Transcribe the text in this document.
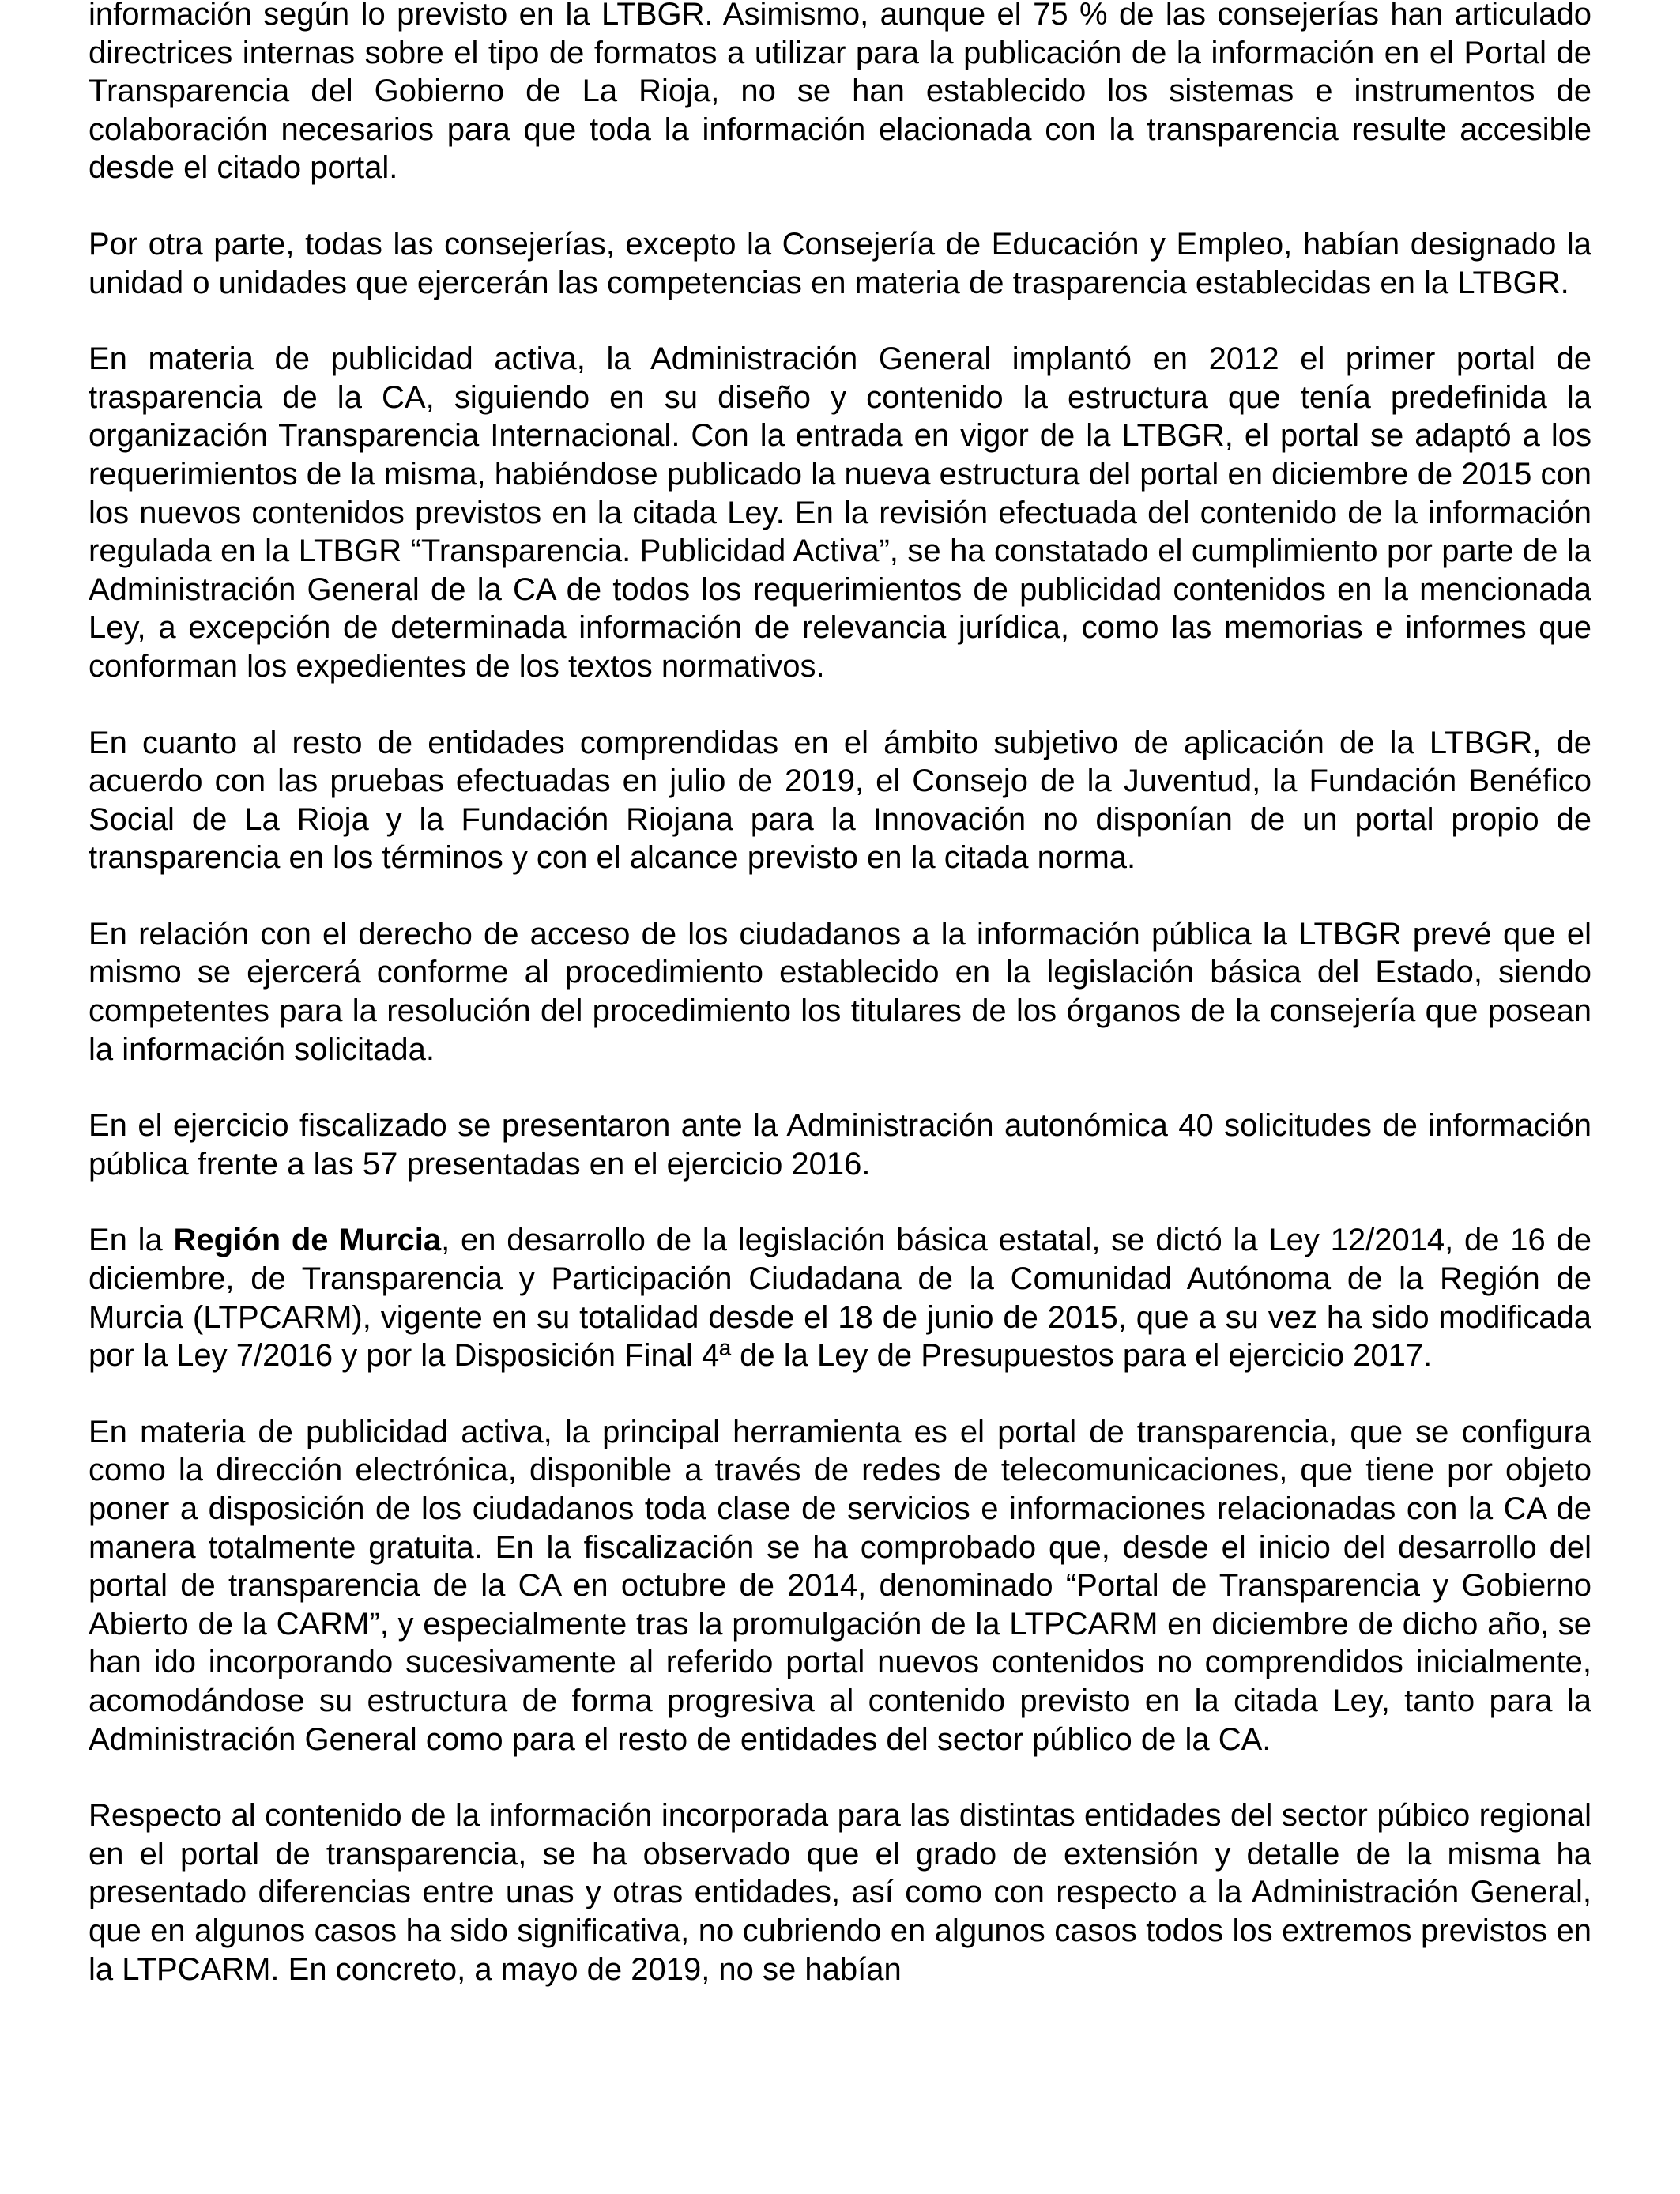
información según lo previsto en la LTBGR. Asimismo, aunque el 75 % de las consejerías han articulado directrices internas sobre el tipo de formatos a utilizar para la publicación de la información en el Portal de Transparencia del Gobierno de La Rioja, no se han establecido los sistemas e instrumentos de colaboración necesarios para que toda la información elacionada con la transparencia resulte accesible desde el citado portal.

Por otra parte, todas las consejerías, excepto la Consejería de Educación y Empleo, habían designado la unidad o unidades que ejercerán las competencias en materia de trasparencia establecidas en la LTBGR.

En materia de publicidad activa, la Administración General implantó en 2012 el primer portal de trasparencia de la CA, siguiendo en su diseño y contenido la estructura que tenía predefinida la organización Transparencia Internacional. Con la entrada en vigor de la LTBGR, el portal se adaptó a los requerimientos de la misma, habiéndose publicado la nueva estructura del portal en diciembre de 2015 con los nuevos contenidos previstos en la citada Ley. En la revisión efectuada del contenido de la información regulada en la LTBGR “Transparencia. Publicidad Activa”, se ha constatado el cumplimiento por parte de la Administración General de la CA de todos los requerimientos de publicidad contenidos en la mencionada Ley, a excepción de determinada información de relevancia jurídica, como las memorias e informes que conforman los expedientes de los textos normativos.

En cuanto al resto de entidades comprendidas en el ámbito subjetivo de aplicación de la LTBGR, de acuerdo con las pruebas efectuadas en julio de 2019, el Consejo de la Juventud, la Fundación Benéfico Social de La Rioja y la Fundación Riojana para la Innovación no disponían de un portal propio de transparencia en los términos y con el alcance previsto en la citada norma.

En relación con el derecho de acceso de los ciudadanos a la información pública la LTBGR prevé que el mismo se ejercerá conforme al procedimiento establecido en la legislación básica del Estado, siendo competentes para la resolución del procedimiento los titulares de los órganos de la consejería que posean la información solicitada.

En el ejercicio fiscalizado se presentaron ante la Administración autonómica 40 solicitudes de información pública frente a las 57 presentadas en el ejercicio 2016.

En la Región de Murcia, en desarrollo de la legislación básica estatal, se dictó la Ley 12/2014, de 16 de diciembre, de Transparencia y Participación Ciudadana de la Comunidad Autónoma de la Región de Murcia (LTPCARM), vigente en su totalidad desde el 18 de junio de 2015, que a su vez ha sido modificada por la Ley 7/2016 y por la Disposición Final 4ª de la Ley de Presupuestos para el ejercicio 2017.

En materia de publicidad activa, la principal herramienta es el portal de transparencia, que se configura como la dirección electrónica, disponible a través de redes de telecomunicaciones, que tiene por objeto poner a disposición de los ciudadanos toda clase de servicios e informaciones relacionadas con la CA de manera totalmente gratuita. En la fiscalización se ha comprobado que, desde el inicio del desarrollo del portal de transparencia de la CA en octubre de 2014, denominado “Portal de Transparencia y Gobierno Abierto de la CARM”, y especialmente tras la promulgación de la LTPCARM en diciembre de dicho año, se han ido incorporando sucesivamente al referido portal nuevos contenidos no comprendidos inicialmente, acomodándose su estructura de forma progresiva al contenido previsto en la citada Ley, tanto para la Administración General como para el resto de entidades del sector público de la CA.

Respecto al contenido de la información incorporada para las distintas entidades del sector púbico regional en el portal de transparencia, se ha observado que el grado de extensión y detalle de la misma ha presentado diferencias entre unas y otras entidades, así como con respecto a la Administración General, que en algunos casos ha sido significativa, no cubriendo en algunos casos todos los extremos previstos en la LTPCARM. En concreto, a mayo de 2019, no se habían
